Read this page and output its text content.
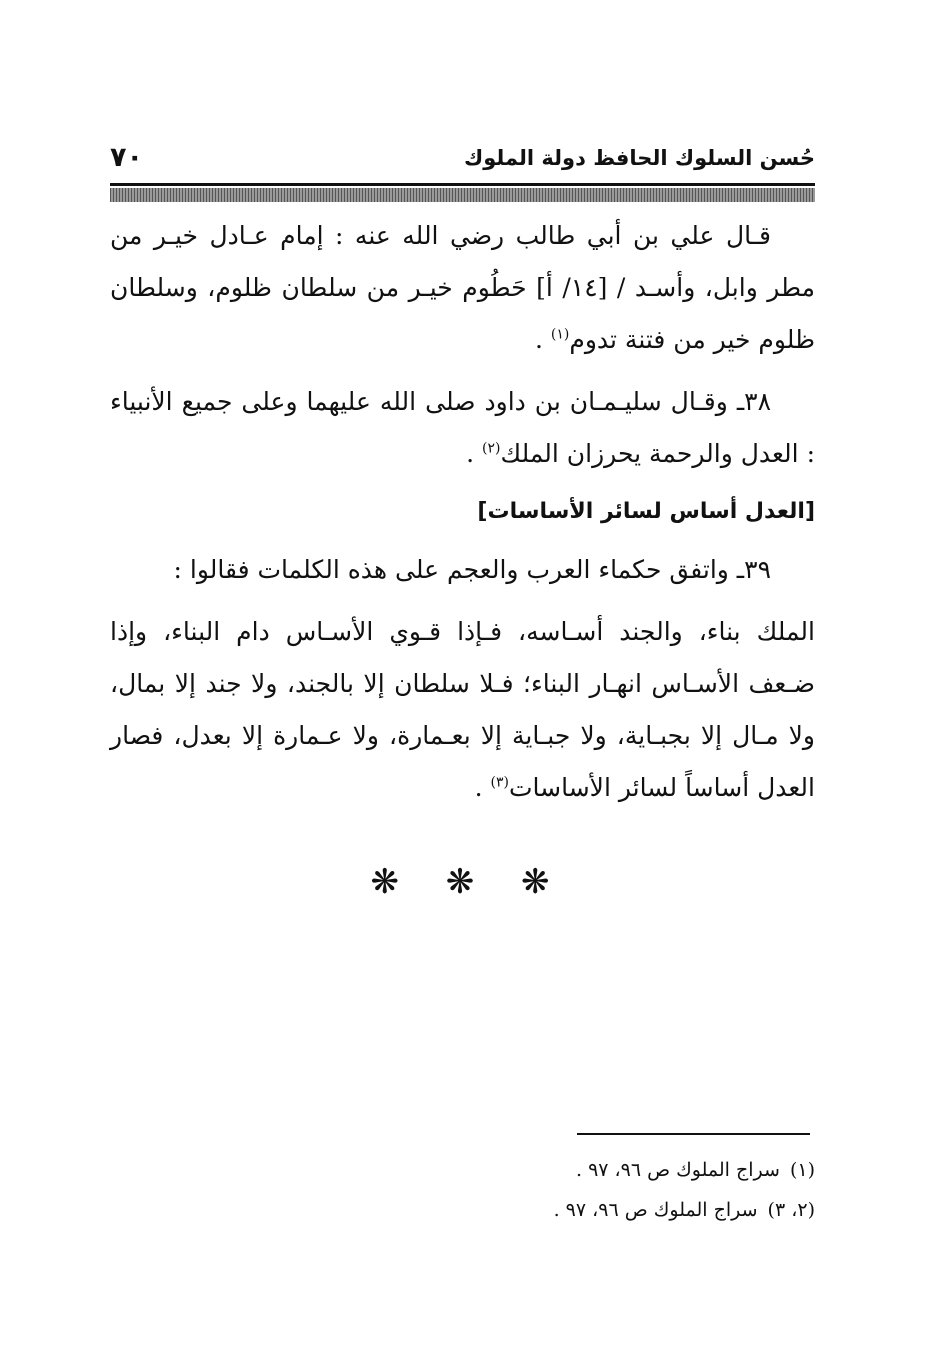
حُسن السلوك الحافظ دولة الملوك
٧٠

قـال علي بن أبي طالب رضي الله عنه : إمام عـادل خيـر من مطر وابل، وأسـد / [١٤/ أ] حَطُوم خيـر من سلطان ظلوم، وسلطان ظلوم خير من فتنة تدوم$^{(١)}$ .

٣٨ـ وقـال سليـمـان بن داود صلى الله عليهما وعلى جميع الأنبياء : العدل والرحمة يحرزان الملك$^{(٢)}$ .

[العدل أساس لسائر الأساسات]

٣٩ـ واتفق حكماء العرب والعجم على هذه الكلمات فقالوا :

الملك بناء، والجند أسـاسه، فـإذا قـوي الأسـاس دام البناء، وإذا ضـعف الأسـاس انهـار البناء؛ فـلا سلطان إلا بالجند، ولا جند إلا بمال، ولا مـال إلا بجبـاية، ولا جبـاية إلا بعـمارة، ولا عـمارة إلا بعدل، فصار العدل أساساً لسائر الأساسات$^{(٣)}$ .

❋ ❋ ❋

(١)سراج الملوك ص ٩٦، ٩٧ .

(٢، ٣)سراج الملوك ص ٩٦، ٩٧ .
